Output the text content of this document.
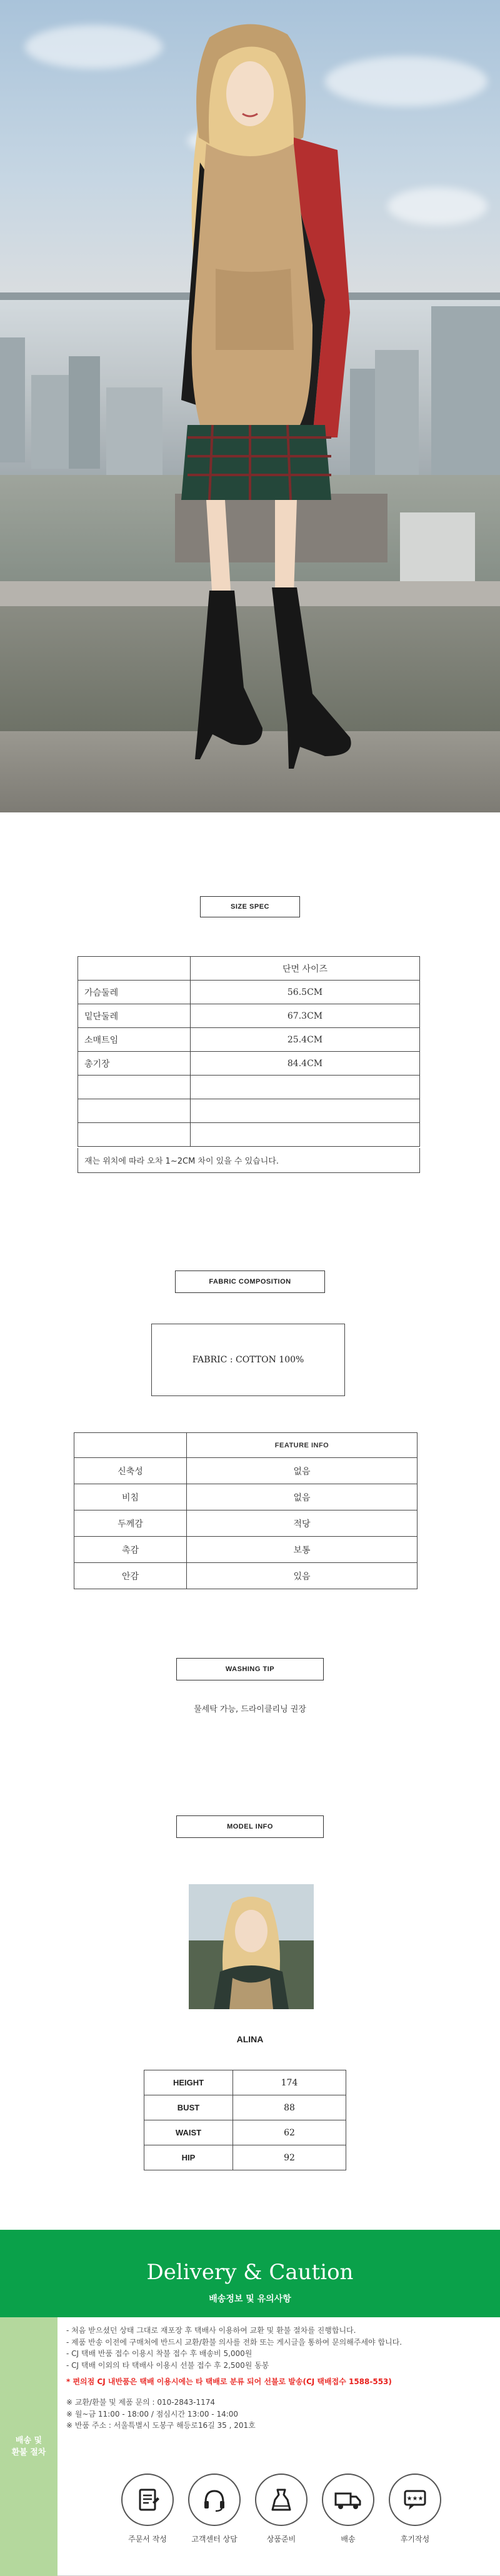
SIZE SPEC
	단면 사이즈
가슴둘레	56.5CM
밑단둘레	67.3CM
소매트임	25.4CM
총기장	84.4CM

재는 위치에 따라 오차 1~2CM 차이 있을 수 있습니다.
FABRIC COMPOSITION
FABRIC : COTTON 100%
	FEATURE INFO
신축성	없음
비침	없음
두께감	적당
촉감	보통
안감	있음
WASHING TIP
물세탁 가능, 드라이클리닝 권장
MODEL INFO
ALINA
HEIGHT	174
BUST	88
WAIST	62
HIP	92
Delivery & Caution
배송정보 및 유의사항
배송 및
환불 절차
- 처음 받으셨던 상태 그대로 재포장 후 택배사 이용하여 교환 및 환불 절차를 진행합니다.
- 제품 반송 이전에 구매처에 반드시 교환/환불 의사를 전화 또는 게시글을 통하여 문의해주세야 합니다.
- CJ 택배 반품 접수 이용시 착불 접수 후 배송비 5,000원
- CJ 택배 이외의 타 택배사 이용시 선불 접수 후 2,500원 동봉
* 편의점 CJ 내반품은 택배 이용시에는 타 택배로 분류 되어 선불로 발송(CJ 택배접수 1588-553)
※ 교환/환불 및 제품 문의 : 010-2843-1174
※ 월~금 11:00 - 18:00 / 점심시간 13:00 - 14:00
※ 반품 주소 : 서울특별시 도봉구 해등로16길 35 , 201호
주문서 작성	고객센터 상담	상품준비	배송
★★★
후기작성
